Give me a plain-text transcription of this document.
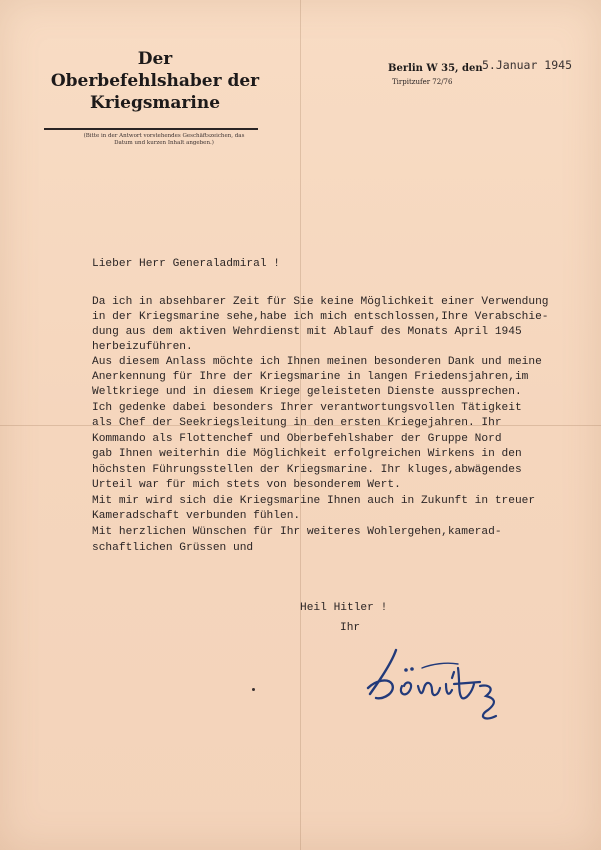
Der Oberbefehlshaber der
Kriegsmarine
(Bitte in der Antwort vorstehendes Geschäftszeichen, das
Datum und kurzen Inhalt angeben.)
Berlin W 35, den
Tirpitzufer 72/76
5.Januar 1945
Lieber Herr Generaladmiral !
Da ich in absehbarer Zeit für Sie keine Möglichkeit einer Verwendung
in der Kriegsmarine sehe,habe ich mich entschlossen,Ihre Verabschie-
dung aus dem aktiven Wehrdienst mit Ablauf des Monats April 1945
herbeizuführen.
Aus diesem Anlass möchte ich Ihnen meinen besonderen Dank und meine
Anerkennung für Ihre der Kriegsmarine in langen Friedensjahren,im
Weltkriege und in diesem Kriege geleisteten Dienste aussprechen.
Ich gedenke dabei besonders Ihrer verantwortungsvollen Tätigkeit
als Chef der Seekriegsleitung in den ersten Kriegejahren. Ihr
Kommando als Flottenchef und Oberbefehlshaber der Gruppe Nord
gab Ihnen weiterhin die Möglichkeit erfolgreichen Wirkens in den
höchsten Führungsstellen der Kriegsmarine. Ihr kluges,abwägendes
Urteil war für mich stets von besonderem Wert.
Mit mir wird sich die Kriegsmarine Ihnen auch in Zukunft in treuer
Kameradschaft verbunden fühlen.
Mit herzlichen Wünschen für Ihr weiteres Wohlergehen,kamerad-
schaftlichen Grüssen und
Heil Hitler !
Ihr
